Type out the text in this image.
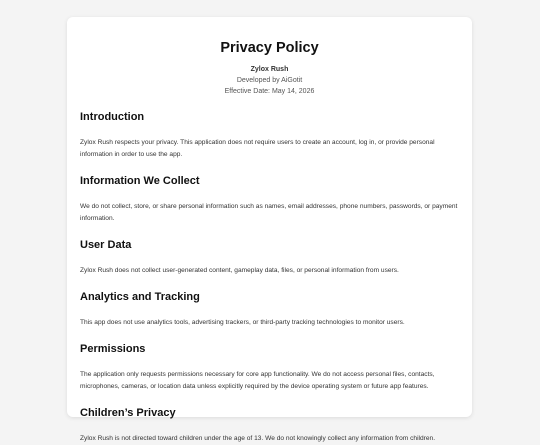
Privacy Policy
Zylox Rush
Developed by AiGotit
Effective Date: May 14, 2026
Introduction

Zylox Rush respects your privacy. This application does not require users to create an account, log in, or provide personal information in order to use the app.

Information We Collect

We do not collect, store, or share personal information such as names, email addresses, phone numbers, passwords, or payment information.

User Data

Zylox Rush does not collect user-generated content, gameplay data, files, or personal information from users.

Analytics and Tracking

This app does not use analytics tools, advertising trackers, or third-party tracking technologies to monitor users.

Permissions

The application only requests permissions necessary for core app functionality. We do not access personal files, contacts, microphones, cameras, or location data unless explicitly required by the device operating system or future app features.

Children’s Privacy

Zylox Rush is not directed toward children under the age of 13. We do not knowingly collect any information from children.
